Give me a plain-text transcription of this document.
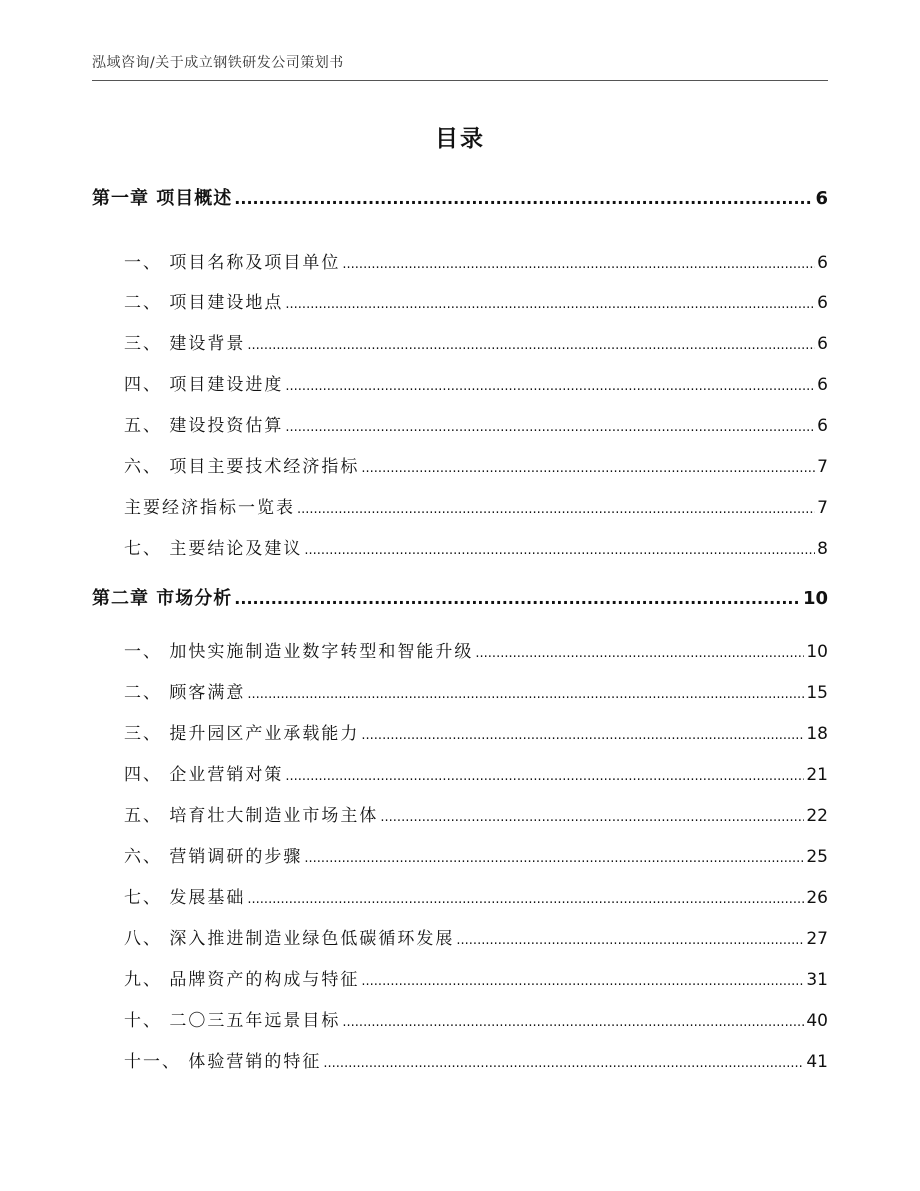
泓域咨询/关于成立钢铁研发公司策划书
目录
第一章 项目概述 .....	6
一、 项目名称及项目单位 .....	6
二、 项目建设地点 .....	6
三、 建设背景 .....	6
四、 项目建设进度 .....	6
五、 建设投资估算 .....	6
六、 项目主要技术经济指标 .....	7
主要经济指标一览表 .....	7
七、 主要结论及建议 .....	8
第二章 市场分析 .....	10
一、 加快实施制造业数字转型和智能升级 .....	10
二、 顾客满意 .....	15
三、 提升园区产业承载能力 .....	18
四、 企业营销对策 .....	21
五、 培育壮大制造业市场主体 .....	22
六、 营销调研的步骤 .....	25
七、 发展基础 .....	26
八、 深入推进制造业绿色低碳循环发展 .....	27
九、 品牌资产的构成与特征 .....	31
十、 二〇三五年远景目标 .....	40
十一、 体验营销的特征 .....	41
